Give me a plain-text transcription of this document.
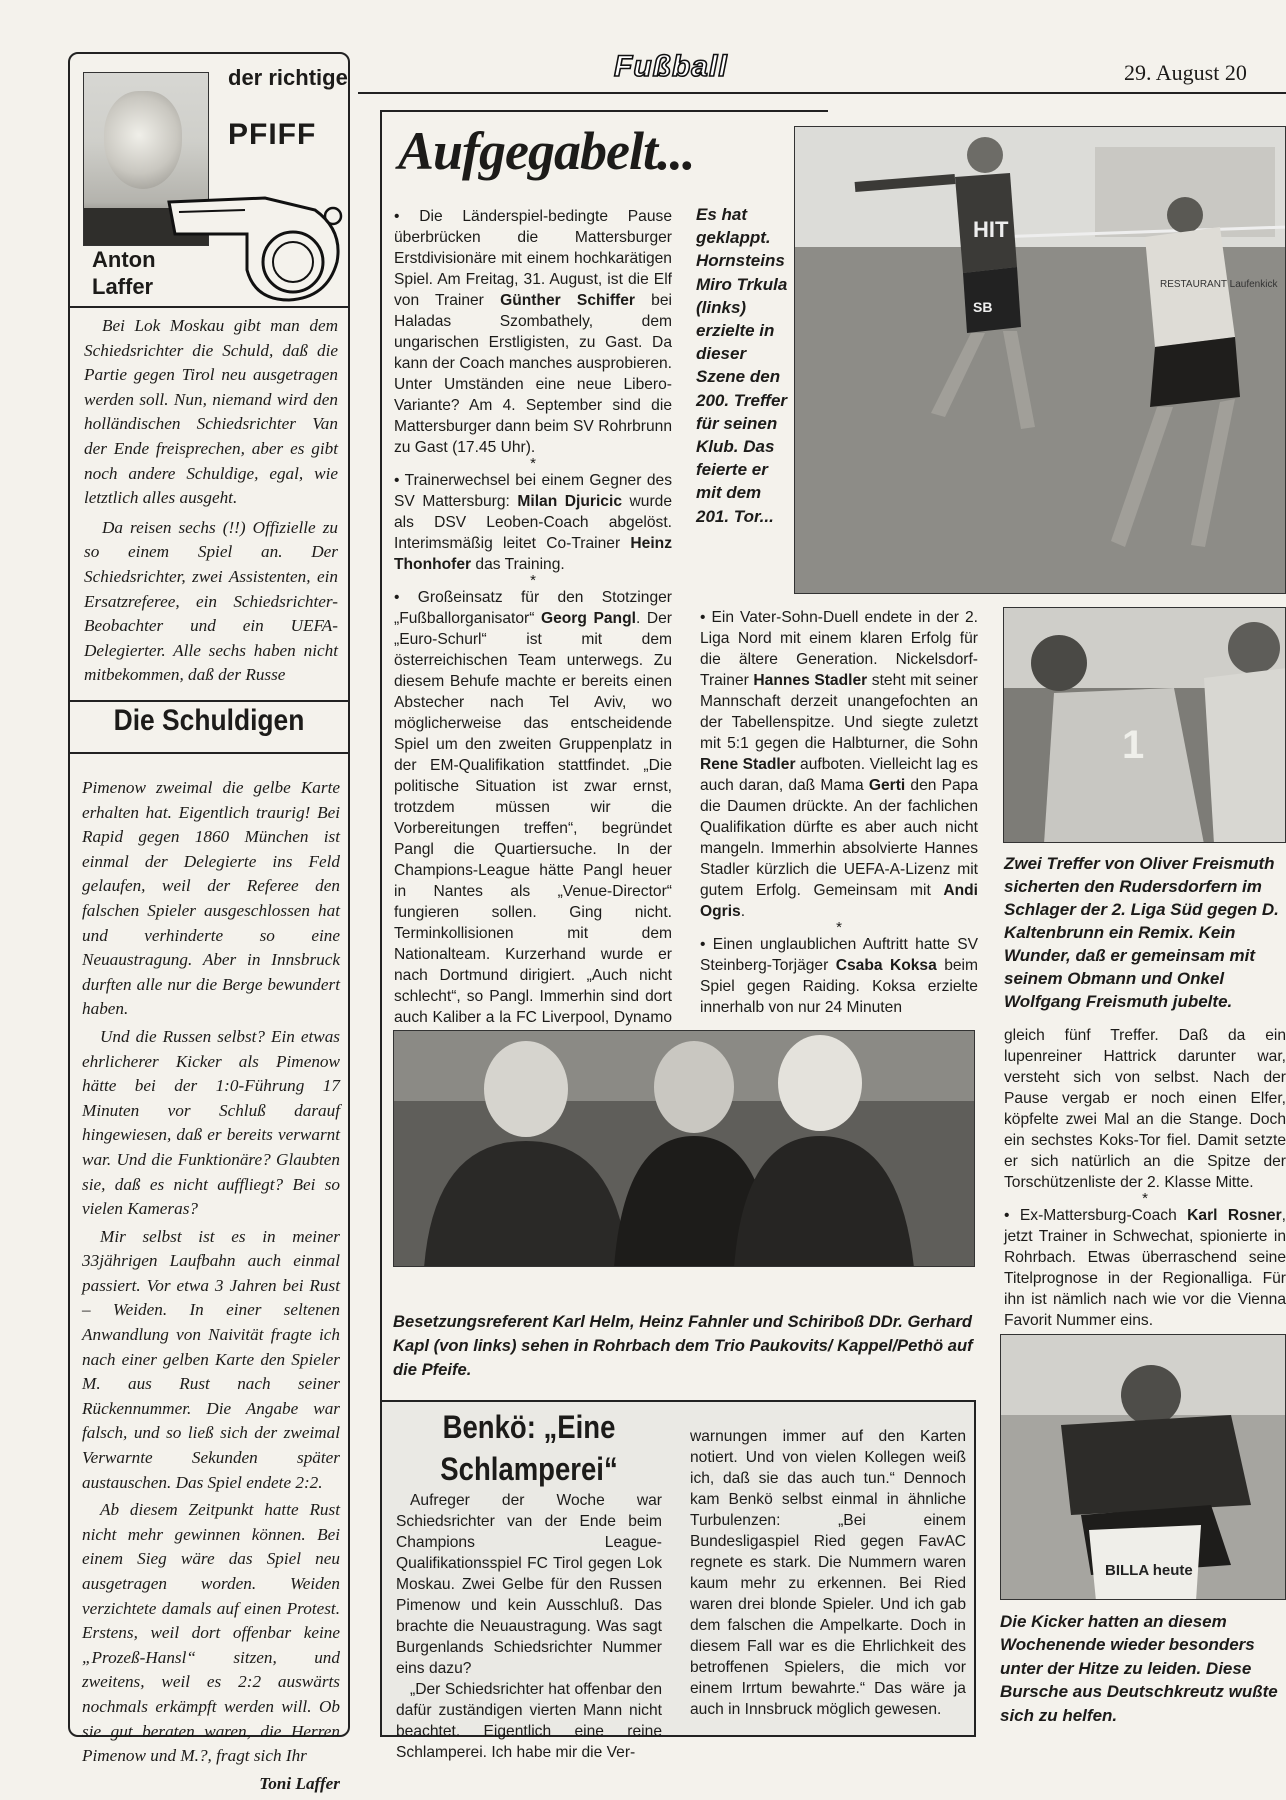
Fußball	29. August 20
der richtige
PFIFF
Anton Laffer

Bei Lok Moskau gibt man dem Schiedsrichter die Schuld, daß die Partie gegen Tirol neu ausgetragen werden soll. Nun, niemand wird den holländischen Schiedsrichter Van der Ende freisprechen, aber es gibt noch andere Schuldige, egal, wie letztlich alles ausgeht.

Da reisen sechs (!!) Offizielle zu so einem Spiel an. Der Schiedsrichter, zwei Assistenten, ein Ersatzreferee, ein Schiedsrichter-Beobachter und ein UEFA-Delegierter. Alle sechs haben nicht mitbekommen, daß der Russe

Die Schuldigen

Pimenow zweimal die gelbe Karte erhalten hat. Eigentlich traurig! Bei Rapid gegen 1860 München ist einmal der Delegierte ins Feld gelaufen, weil der Referee den falschen Spieler ausgeschlossen hat und verhinderte so eine Neuaustragung. Aber in Innsbruck durften alle nur die Berge bewundert haben.

Und die Russen selbst? Ein etwas ehrlicherer Kicker als Pimenow hätte bei der 1:0-Führung 17 Minuten vor Schluß darauf hingewiesen, daß er bereits verwarnt war. Und die Funktionäre? Glaubten sie, daß es nicht auffliegt? Bei so vielen Kameras?

Mir selbst ist es in meiner 33jährigen Laufbahn auch einmal passiert. Vor etwa 3 Jahren bei Rust – Weiden. In einer seltenen Anwandlung von Naivität fragte ich nach einer gelben Karte den Spieler M. aus Rust nach seiner Rückennummer. Die Angabe war falsch, und so ließ sich der zweimal Verwarnte Sekunden später austauschen. Das Spiel endete 2:2.

Ab diesem Zeitpunkt hatte Rust nicht mehr gewinnen können. Bei einem Sieg wäre das Spiel neu ausgetragen worden. Weiden verzichtete damals auf einen Protest. Erstens, weil dort offenbar keine „Prozeß-Hansl“ sitzen, und zweitens, weil es 2:2 auswärts nochmals erkämpft werden will. Ob sie gut beraten waren, die Herren Pimenow und M.?, fragt sich Ihr

Toni Laffer
Aufgegabelt...

• Die Länderspiel-bedingte Pause überbrücken die Mattersburger Erstdivisionäre mit einem hochkarätigen Spiel. Am Freitag, 31. August, ist die Elf von Trainer Günther Schiffer bei Haladas Szombathely, dem ungarischen Erstligisten, zu Gast. Da kann der Coach manches ausprobieren. Unter Umständen eine neue Libero-Variante? Am 4. September sind die Mattersburger dann beim SV Rohrbrunn zu Gast (17.45 Uhr).

*

• Trainerwechsel bei einem Gegner des SV Mattersburg: Milan Djuricic wurde als DSV Leoben-Coach abgelöst. Interimsmäßig leitet Co-Trainer Heinz Thonhofer das Training.

*

• Großeinsatz für den Stotzinger „Fußballorganisator“ Georg Pangl. Der „Euro-Schurl“ ist mit dem österreichischen Team unterwegs. Zu diesem Behufe machte er bereits einen Abstecher nach Tel Aviv, wo möglicherweise das entscheidende Spiel um den zweiten Gruppenplatz in der EM-Qualifikation stattfindet. „Die politische Situation ist zwar ernst, trotzdem müssen wir die Vorbereitungen treffen“, begründet Pangl die Quartiersuche. In der Champions-League hätte Pangl heuer in Nantes als „Venue-Director“ fungieren sollen. Ging nicht. Terminkollisionen mit dem Nationalteam. Kurzerhand wurde er nach Dortmund dirigiert. „Auch nicht schlecht“, so Pangl. Immerhin sind dort auch Kaliber a la FC Liverpool, Dynamo

Es hat geklappt. Hornsteins Miro Trkula (links) erzielte in dieser Szene den 200. Treffer für seinen Klub. Das feierte er mit dem 201. Tor...
HIT
SB
RESTAURANT Laufenkick

• Ein Vater-Sohn-Duell endete in der 2. Liga Nord mit einem klaren Erfolg für die ältere Generation. Nickelsdorf-Trainer Hannes Stadler steht mit seiner Mannschaft derzeit unangefochten an der Tabellenspitze. Und siegte zuletzt mit 5:1 gegen die Halbturner, die Sohn Rene Stadler aufboten. Vielleicht lag es auch daran, daß Mama Gerti den Papa die Daumen drückte. An der fachlichen Qualifikation dürfte es aber auch nicht mangeln. Immerhin absolvierte Hannes Stadler kürzlich die UEFA-A-Lizenz mit gutem Erfolg. Gemeinsam mit Andi Ogris.

*

• Einen unglaublichen Auftritt hatte SV Steinberg-Torjäger Csaba Koksa beim Spiel gegen Raiding. Koksa erzielte innerhalb von nur 24 Minuten

1
Zwei Treffer von Oliver Freismuth sicherten den Rudersdorfern im Schlager der 2. Liga Süd gegen D. Kaltenbrunn ein Remix. Kein Wunder, daß er gemeinsam mit seinem Obmann und Onkel Wolfgang Freismuth jubelte.
Besetzungsreferent Karl Helm, Heinz Fahnler und Schiriboß DDr. Gerhard Kapl (von links) sehen in Rohrbach dem Trio Paukovits/ Kappel/Pethö auf die Pfeife.

gleich fünf Treffer. Daß da ein lupenreiner Hattrick darunter war, versteht sich von selbst. Nach der Pause vergab er noch einen Elfer, köpfelte zwei Mal an die Stange. Doch ein sechstes Koks-Tor fiel. Damit setzte er sich natürlich an die Spitze der Torschützenliste der 2. Klasse Mitte.

*

• Ex-Mattersburg-Coach Karl Rosner, jetzt Trainer in Schwechat, spionierte in Rohrbach. Etwas überraschend seine Titelprognose in der Regionalliga. Für ihn ist nämlich nach wie vor die Vienna Favorit Nummer eins.

BILLA heute
Die Kicker hatten an diesem Wochenende wieder besonders unter der Hitze zu leiden. Diese Bursche aus Deutschkreutz wußte sich zu helfen.
Benkö: „Eine Schlamperei“

Aufreger der Woche war Schiedsrichter van der Ende beim Champions League-Qualifikationsspiel FC Tirol gegen Lok Moskau. Zwei Gelbe für den Russen Pimenow und kein Ausschluß. Das brachte die Neuaustragung. Was sagt Burgenlands Schiedsrichter Nummer eins dazu?

„Der Schiedsrichter hat offenbar den dafür zuständigen vierten Mann nicht beachtet. Eigentlich eine reine Schlamperei. Ich habe mir die Ver-

warnungen immer auf den Karten notiert. Und von vielen Kollegen weiß ich, daß sie das auch tun.“ Dennoch kam Benkö selbst einmal in ähnliche Turbulenzen: „Bei einem Bundesligaspiel Ried gegen FavAC regnete es stark. Die Nummern waren kaum mehr zu erkennen. Bei Ried waren drei blonde Spieler. Und ich gab dem falschen die Ampelkarte. Doch in diesem Fall war es die Ehrlichkeit des betroffenen Spielers, die mich vor einem Irrtum bewahrte.“ Das wäre ja auch in Innsbruck möglich gewesen.
